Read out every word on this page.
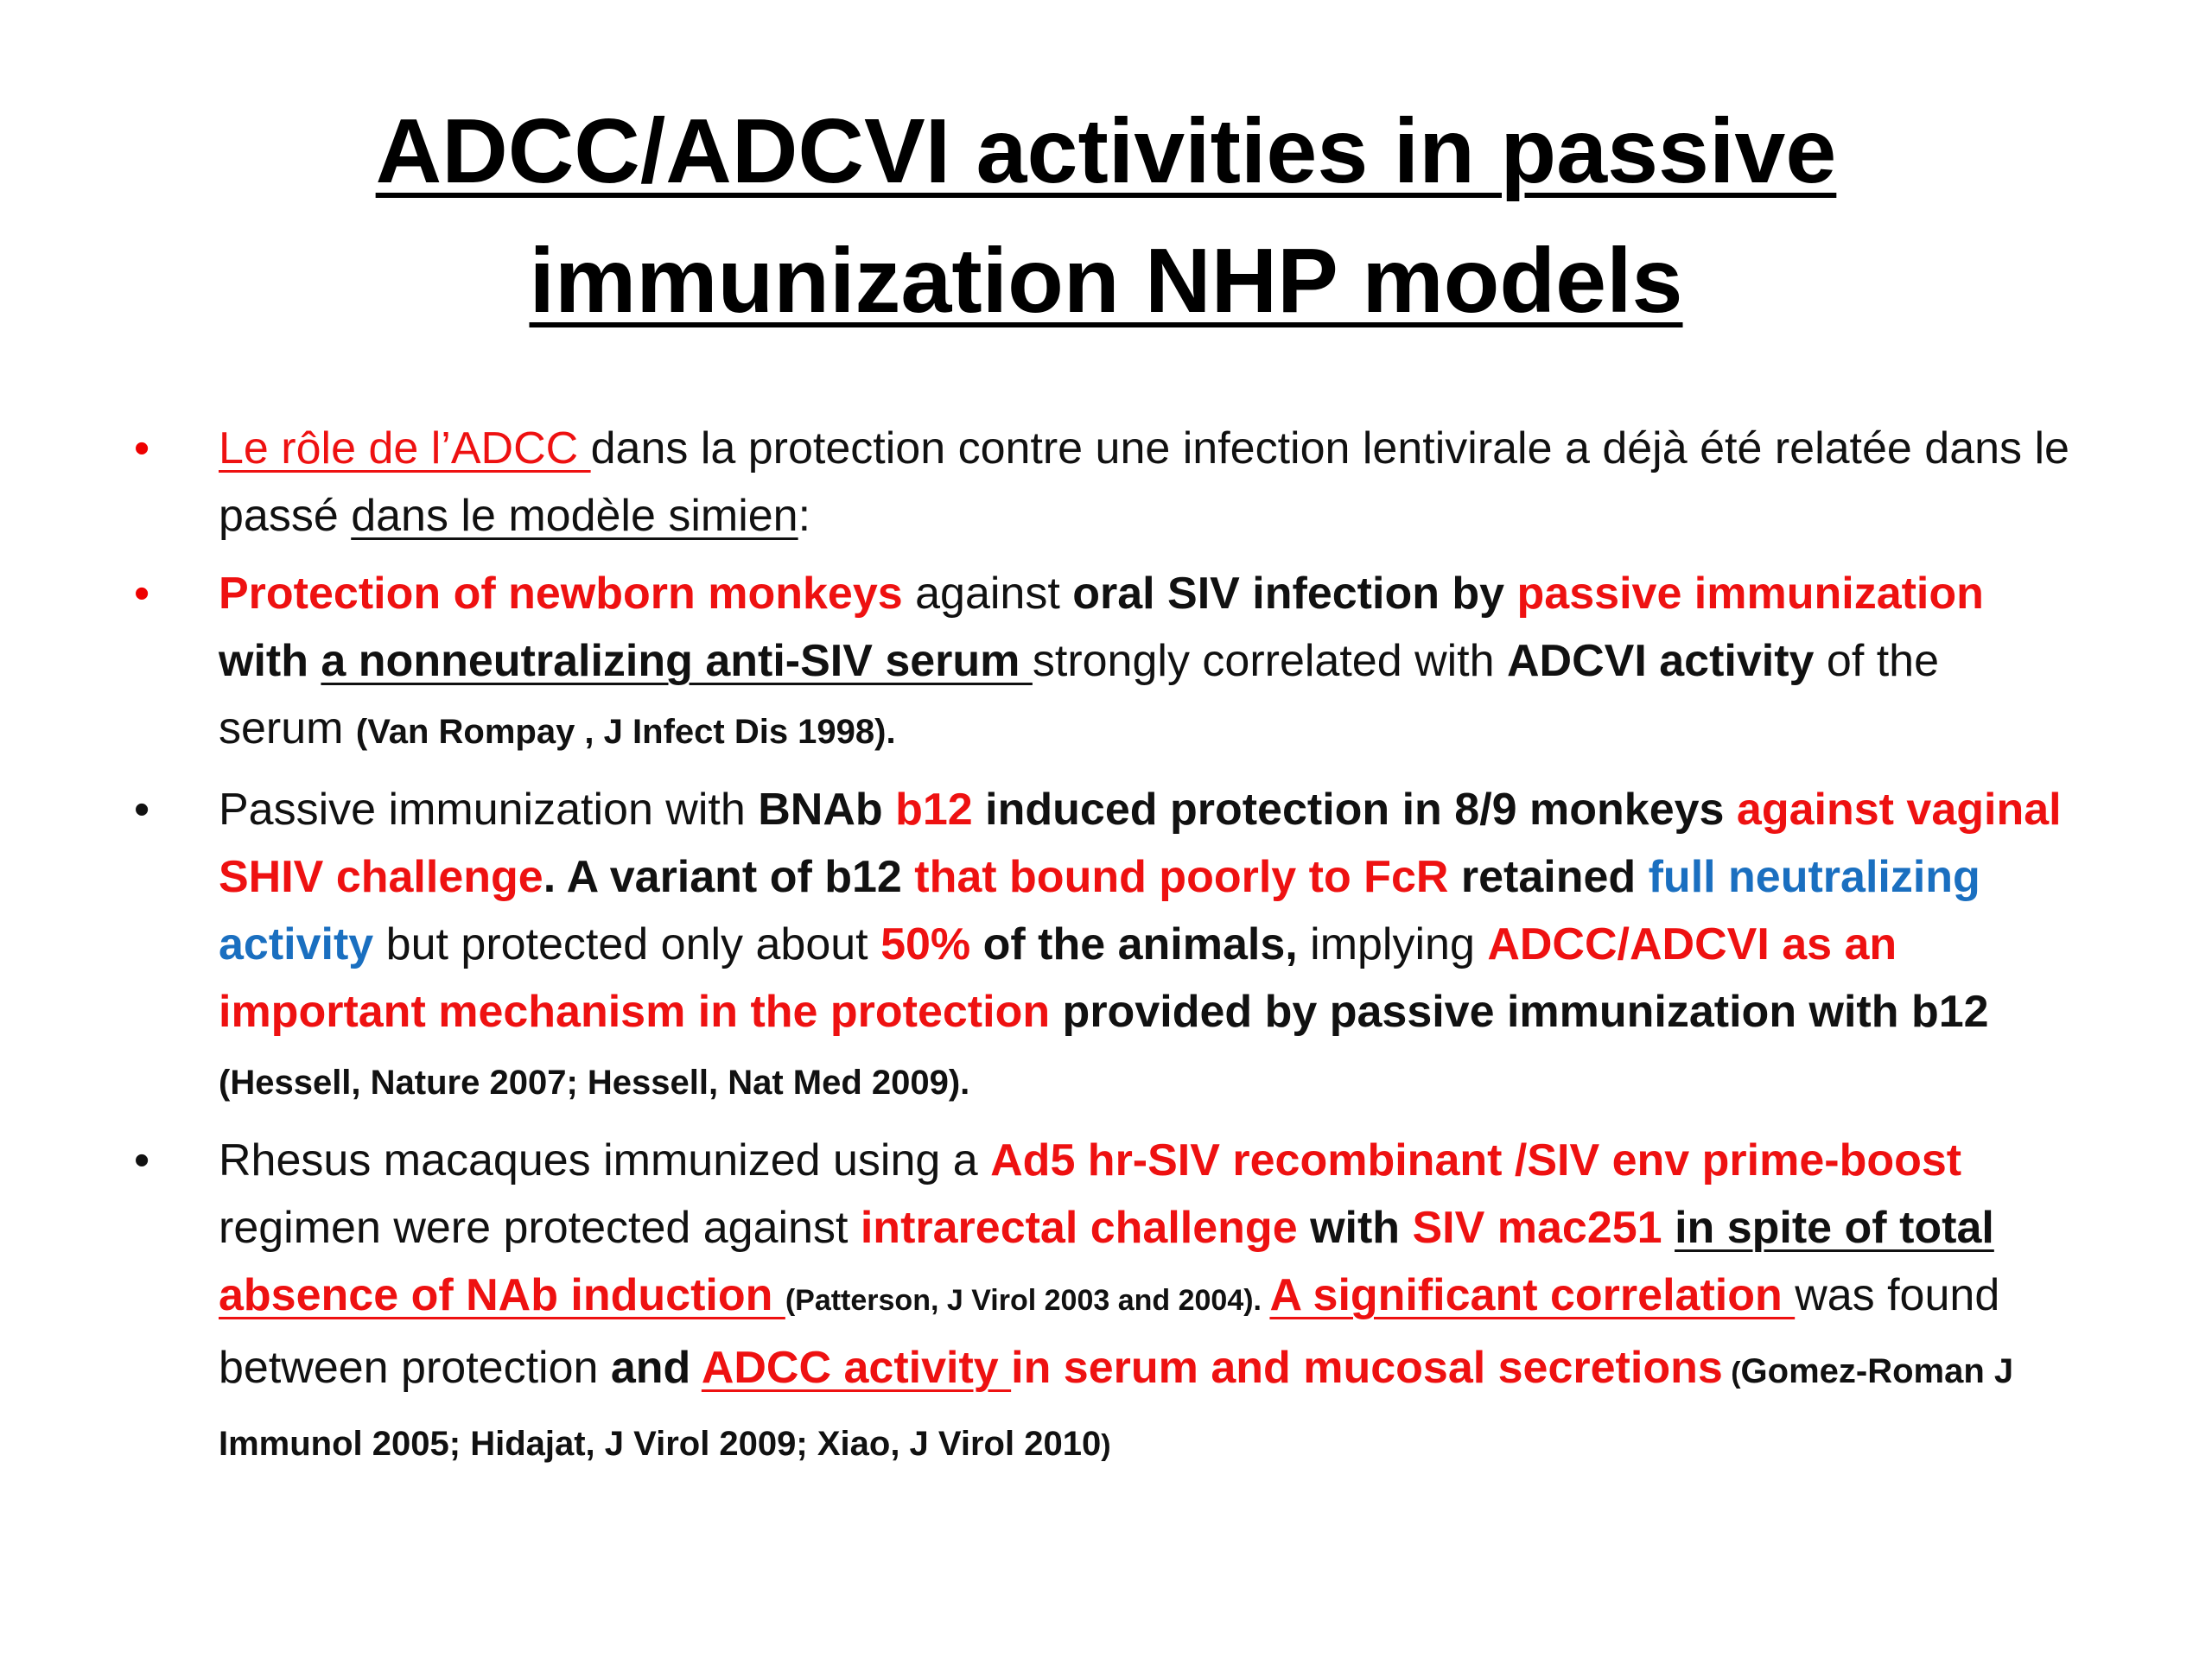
ADCC/ADCVI activities in passive
immunization NHP models
•	Le rôle de l’ADCC dans la protection contre une infection lentivirale a déjà été relatée dans le passé dans le modèle simien:
•	Protection of newborn monkeys against oral SIV infection by passive immunization with a nonneutralizing anti-SIV serum strongly correlated with ADCVI activity of the serum (Van Rompay , J Infect Dis 1998).
•	Passive immunization with BNAb b12 induced protection in 8/9 monkeys against vaginal SHIV challenge. A variant of b12 that bound poorly to FcR retained full neutralizing activity but protected only about 50% of the animals, implying ADCC/ADCVI as an important mechanism in the protection provided by passive immunization with b12 (Hessell, Nature 2007; Hessell, Nat Med 2009).
•	Rhesus macaques immunized using a Ad5 hr-SIV recombinant /SIV env prime-boost regimen were protected against intrarectal challenge with SIV mac251 in spite of total absence of NAb induction (Patterson, J Virol 2003 and 2004). A significant correlation was found between protection and ADCC activity in serum and mucosal secretions (Gomez-Roman J Immunol 2005; Hidajat, J Virol 2009; Xiao, J Virol 2010)
